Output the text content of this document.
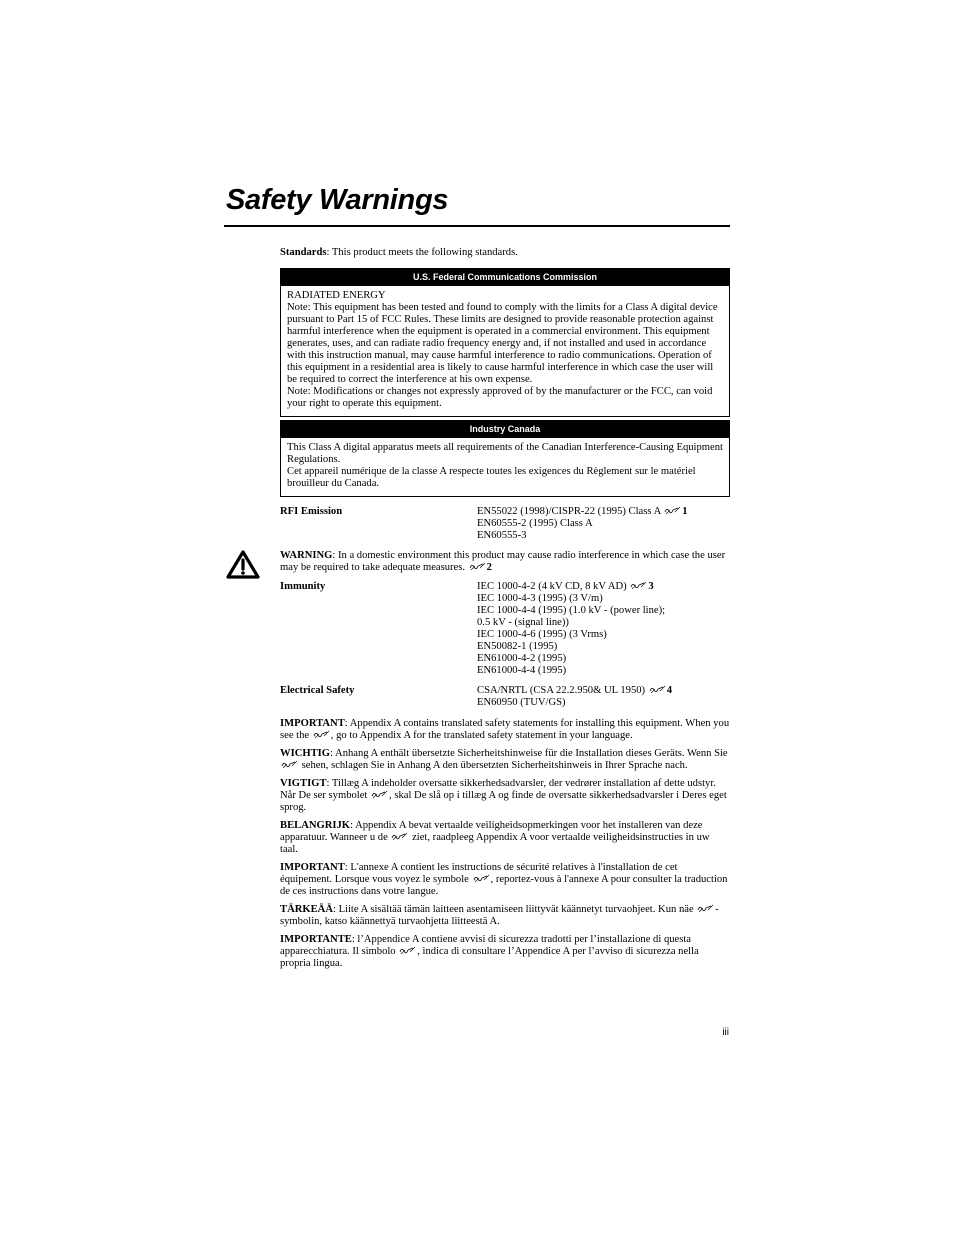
Safety Warnings

Standards: This product meets the following standards.

U.S. Federal Communications Commission
RADIATED ENERGY
Note: This equipment has been tested and found to comply with the limits for a Class A digital device pursuant to Part 15 of FCC Rules. These limits are designed to provide reasonable protection against harmful interference when the equipment is operated in a commercial environment. This equipment generates, uses, and can radiate radio frequency energy and, if not installed and used in accordance with this instruction manual, may cause harmful interference to radio communications. Operation of this equipment in a residential area is likely to cause harmful interference in which case the user will be required to correct the interference at his own expense.
Note: Modifications or changes not expressly approved of by the manufacturer or the FCC, can void your right to operate this equipment.
Industry Canada
This Class A digital apparatus meets all requirements of the Canadian Interference-Causing Equipment Regulations.
Cet appareil numérique de la classe A respecte toutes les exigences du Règlement sur le matériel brouilleur du Canada.
RFI Emission	EN55022 (1998)/CISPR-22 (1995) Class A 1
EN60555-2 (1995) Class A
EN60555-3

WARNING: In a domestic environment this product may cause radio interference in which case the user may be required to take adequate measures. 2

Immunity	IEC 1000-4-2 (4 kV CD, 8 kV AD) 3
IEC 1000-4-3 (1995) (3 V/m)
IEC 1000-4-4 (1995) (1.0 kV - (power line);
0.5 kV - (signal line))
IEC 1000-4-6 (1995) (3 Vrms)
EN50082-1 (1995)
EN61000-4-2 (1995)
EN61000-4-4 (1995)
Electrical Safety	CSA/NRTL (CSA 22.2.950& UL 1950) 4
EN60950 (TUV/GS)

IMPORTANT: Appendix A contains translated safety statements for installing this equipment. When you see the , go to Appendix A for the translated safety statement in your language.

WICHTIG: Anhang A enthält übersetzte Sicherheitshinweise für die Installation dieses Geräts. Wenn Sie  sehen, schlagen Sie in Anhang A den übersetzten Sicherheitshinweis in Ihrer Sprache nach.

VIGTIGT: Tillæg A indeholder oversatte sikkerhedsadvarsler, der vedrører installation af dette udstyr. Når De ser symbolet , skal De slå op i tillæg A og finde de oversatte sikkerhedsadvarsler i Deres eget sprog.

BELANGRIJK: Appendix A bevat vertaalde veiligheidsopmerkingen voor het installeren van deze apparatuur. Wanneer u de  ziet, raadpleeg Appendix A voor vertaalde veiligheidsinstructies in uw taal.

IMPORTANT: L'annexe A contient les instructions de sécurité relatives à l'installation de cet équipement. Lorsque vous voyez le symbole , reportez-vous à l'annexe A pour consulter la traduction de ces instructions dans votre langue.

TÄRKEÄÄ: Liite A sisältää tämän laitteen asentamiseen liittyvät käännetyt turvaohjeet. Kun näe -symbolin, katso käännettyä turvaohjetta liitteestä A.

IMPORTANTE: l’Appendice A contiene avvisi di sicurezza tradotti per l’installazione di questa apparecchiatura. Il simbolo , indica di consultare l’Appendice A per l’avviso di sicurezza nella propria lingua.

iii
